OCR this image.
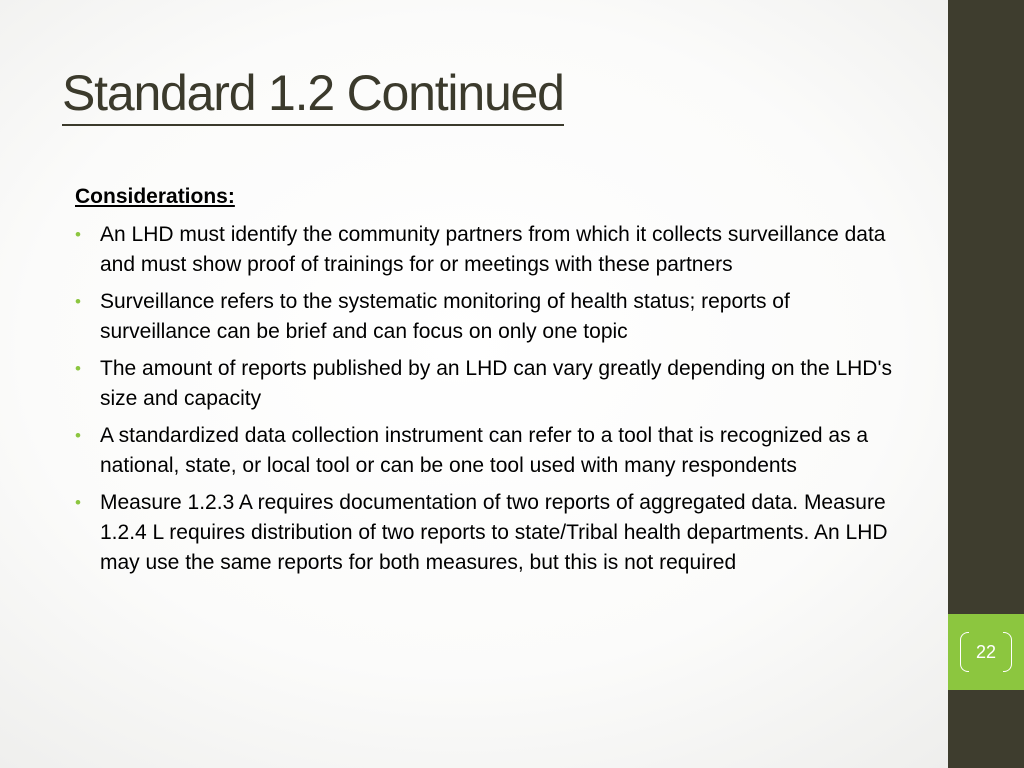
22
Standard 1.2 Continued

Considerations:

• An LHD must identify the community partners from which it collects surveillance data and must show proof of trainings for or meetings with these partners
• Surveillance refers to the systematic monitoring of health status; reports of surveillance can be brief and can focus on only one topic
• The amount of reports published by an LHD can vary greatly depending on the LHD's size and capacity
• A standardized data collection instrument can refer to a tool that is recognized as a national, state, or local tool or can be one tool used with many respondents
• Measure 1.2.3 A requires documentation of two reports of aggregated data. Measure 1.2.4 L requires distribution of two reports to state/Tribal health departments. An LHD may use the same reports for both measures, but this is not required
